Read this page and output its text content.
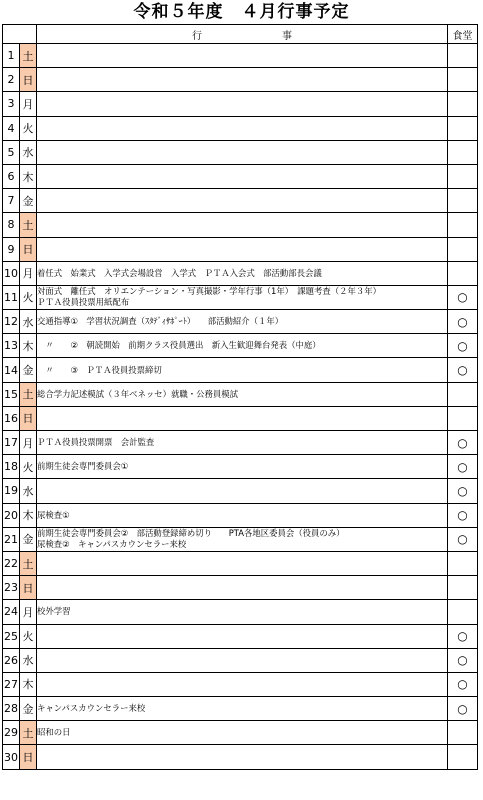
令和５年度　４月行事予定
		行　　　　　　　　事	食堂
1	土	

2	日	

3	月	

4	火	

5	水	

6	木	

7	金	

8	土	

9	日	

10	月	着任式　始業式　入学式会場設営　入学式　ＰＴＡ入会式　部活動部長会議	

11	火	対面式　離任式　オリエンテーション・写真撮影・学年行事（1年）　課題考査（２年３年）
ＰＴＡ役員投票用紙配布	○
12	水	交通指導①　学習状況調査（ｽﾀﾃﾞｨｻﾎﾟｰﾄ）　　部活動紹介（１年）	○
13	木	　〃　　②　朝読開始　前期クラス役員選出　新入生歓迎舞台発表（中庭）	○
14	金	　〃　　③　ＰＴＡ役員投票締切	○
15	土	総合学力記述模試（３年ベネッセ）就職・公務員模試	

16	日	

17	月	ＰＴＡ役員投票開票　会計監査	○
18	火	前期生徒会専門委員会①	○
19	水		○
20	木	尿検査①	○
21	金	前期生徒会専門委員会②　部活動登録締め切り　　PTA各地区委員会（役員のみ）
尿検査②　キャンパスカウンセラー来校	○
22	土	

23	日	

24	月	校外学習	

25	火		○
26	水		○
27	木		○
28	金	キャンパスカウンセラー来校	○
29	土	昭和の日	

30	日	
